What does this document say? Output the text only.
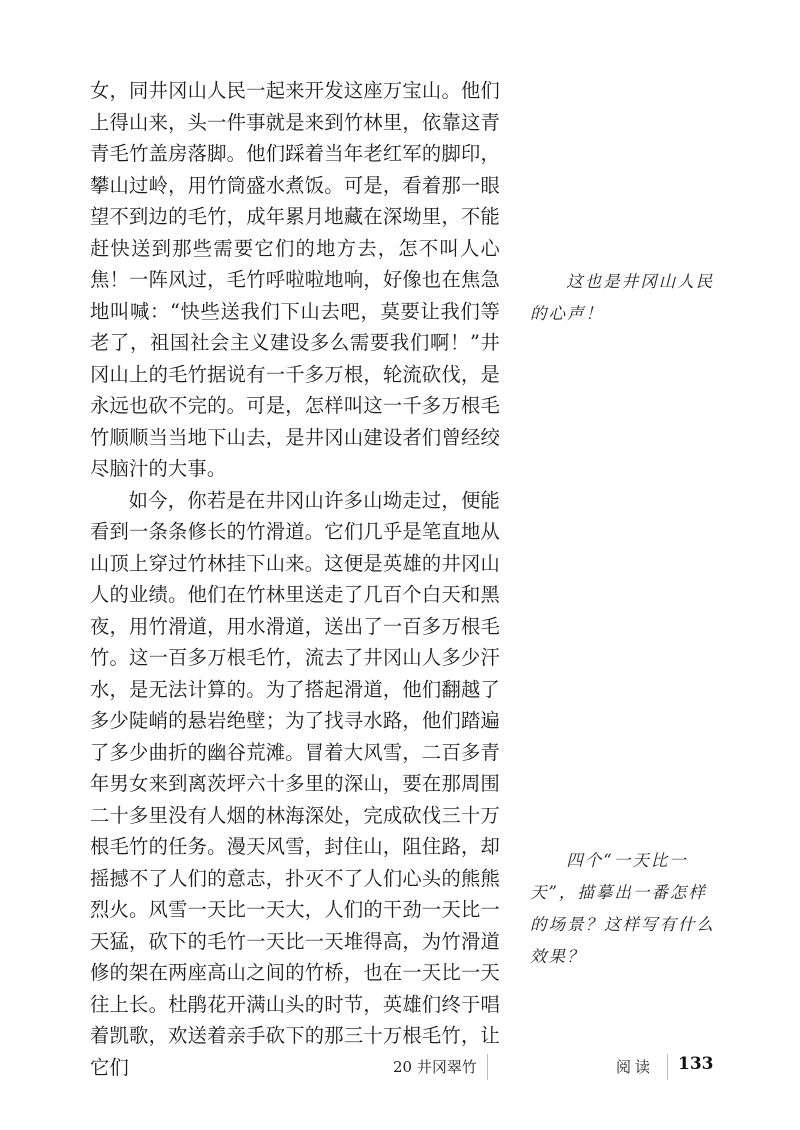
女，同井冈山人民一起来开发这座万宝山。他们上得山来，头一件事就是来到竹林里，依靠这青青毛竹盖房落脚。他们踩着当年老红军的脚印，攀山过岭，用竹筒盛水煮饭。可是，看着那一眼望不到边的毛竹，成年累月地藏在深坳里，不能赶快送到那些需要它们的地方去，怎不叫人心焦！一阵风过，毛竹呼啦啦地响，好像也在焦急地叫喊：“快些送我们下山去吧，莫要让我们等老了，祖国社会主义建设多么需要我们啊！”井冈山上的毛竹据说有一千多万根，轮流砍伐，是永远也砍不完的。可是，怎样叫这一千多万根毛竹顺顺当当地下山去，是井冈山建设者们曾经绞尽脑汁的大事。

如今，你若是在井冈山许多山坳走过，便能看到一条条修长的竹滑道。它们几乎是笔直地从山顶上穿过竹林挂下山来。这便是英雄的井冈山人的业绩。他们在竹林里送走了几百个白天和黑夜，用竹滑道，用水滑道，送出了一百多万根毛竹。这一百多万根毛竹，流去了井冈山人多少汗水，是无法计算的。为了搭起滑道，他们翻越了多少陡峭的悬岩绝壁；为了找寻水路，他们踏遍了多少曲折的幽谷荒滩。冒着大风雪，二百多青年男女来到离茨坪六十多里的深山，要在那周围二十多里没有人烟的林海深处，完成砍伐三十万根毛竹的任务。漫天风雪，封住山，阻住路，却摇撼不了人们的意志，扑灭不了人们心头的熊熊烈火。风雪一天比一天大，人们的干劲一天比一天猛，砍下的毛竹一天比一天堆得高，为竹滑道修的架在两座高山之间的竹桥，也在一天比一天往上长。杜鹃花开满山头的时节，英雄们终于唱着凯歌，欢送着亲手砍下的那三十万根毛竹，让它们

这也是井冈山人民的心声！

四个“一天比一天”，描摹出一番怎样的场景？这样写有什么效果？

20 井冈翠竹	阅读 133
